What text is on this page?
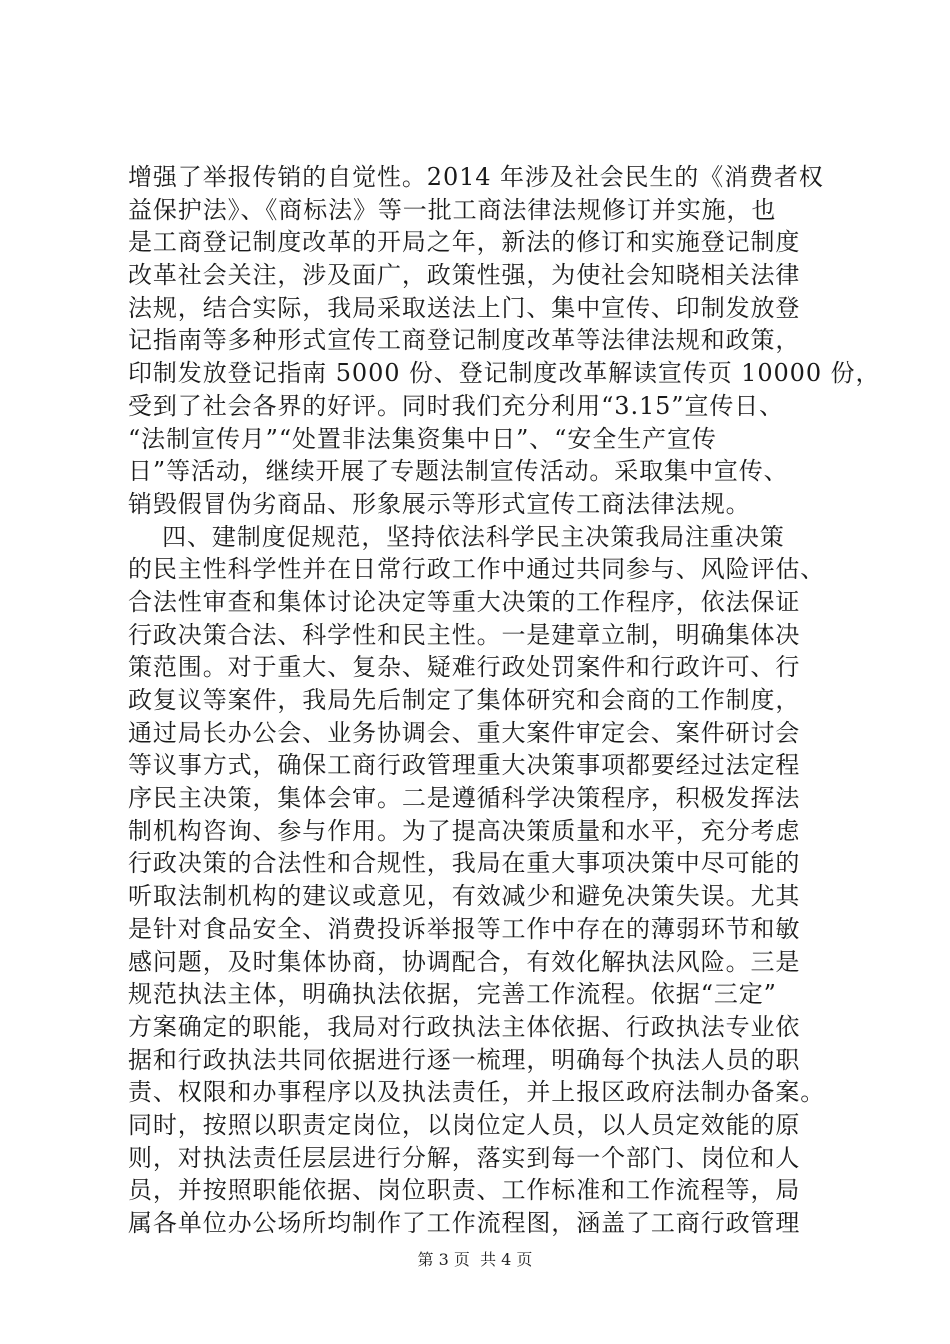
增强了举报传销的自觉性。2014 年涉及社会民生的《消费者权
益保护法》、《商标法》等一批工商法律法规修订并实施，也
是工商登记制度改革的开局之年，新法的修订和实施登记制度
改革社会关注，涉及面广，政策性强，为使社会知晓相关法律
法规，结合实际，我局采取送法上门、集中宣传、印制发放登
记指南等多种形式宣传工商登记制度改革等法律法规和政策，
印制发放登记指南 5000 份、登记制度改革解读宣传页 10000 份，
受到了社会各界的好评。同时我们充分利用“3.15”宣传日、
“法制宣传月”“处置非法集资集中日”、“安全生产宣传
日”等活动，继续开展了专题法制宣传活动。采取集中宣传、
销毁假冒伪劣商品、形象展示等形式宣传工商法律法规。
四、建制度促规范，坚持依法科学民主决策我局注重决策
的民主性科学性并在日常行政工作中通过共同参与、风险评估、
合法性审查和集体讨论决定等重大决策的工作程序，依法保证
行政决策合法、科学性和民主性。一是建章立制，明确集体决
策范围。对于重大、复杂、疑难行政处罚案件和行政许可、行
政复议等案件，我局先后制定了集体研究和会商的工作制度，
通过局长办公会、业务协调会、重大案件审定会、案件研讨会
等议事方式，确保工商行政管理重大决策事项都要经过法定程
序民主决策，集体会审。二是遵循科学决策程序，积极发挥法
制机构咨询、参与作用。为了提高决策质量和水平，充分考虑
行政决策的合法性和合规性，我局在重大事项决策中尽可能的
听取法制机构的建议或意见，有效减少和避免决策失误。尤其
是针对食品安全、消费投诉举报等工作中存在的薄弱环节和敏
感问题，及时集体协商，协调配合，有效化解执法风险。三是
规范执法主体，明确执法依据，完善工作流程。依据“三定”
方案确定的职能，我局对行政执法主体依据、行政执法专业依
据和行政执法共同依据进行逐一梳理，明确每个执法人员的职
责、权限和办事程序以及执法责任，并上报区政府法制办备案。
同时，按照以职责定岗位，以岗位定人员，以人员定效能的原
则，对执法责任层层进行分解，落实到每一个部门、岗位和人
员，并按照职能依据、岗位职责、工作标准和工作流程等，局
属各单位办公场所均制作了工作流程图，涵盖了工商行政管理
第 3 页  共 4 页
